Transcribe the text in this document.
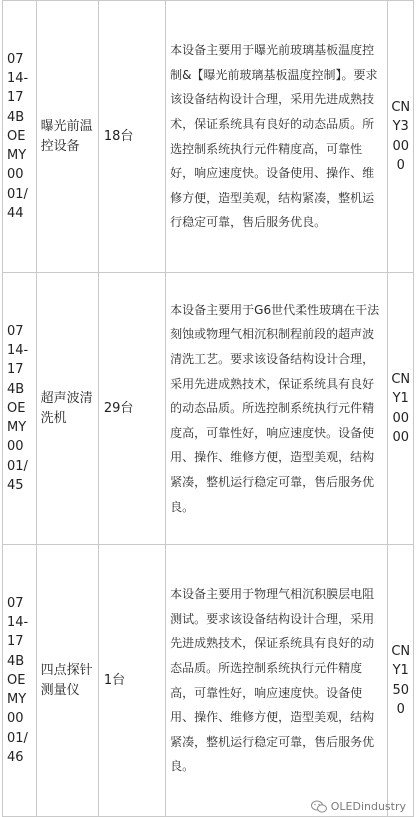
0714-174BOEMY0001/44	曝光前温控设备	18台	本设备主要用于曝光前玻璃基板温度控制&【曝光前玻璃基板温度控制】。要求该设备结构设计合理，采用先进成熟技术，保证系统具有良好的动态品质。所选控制系统执行元件精度高，可靠性好，响应速度快。设备使用、操作、维修方便，造型美观，结构紧凑，整机运行稳定可靠，售后服务优良。	CNY3000

0714-174BOEMY0001/45	超声波清洗机	29台	本设备主要用于G6世代柔性玻璃在干法刻蚀或物理气相沉积制程前段的超声波清洗工艺。要求该设备结构设计合理，采用先进成熟技术，保证系统具有良好的动态品质。所选控制系统执行元件精度高，可靠性好，响应速度快。设备使用、操作、维修方便，造型美观，结构紧凑，整机运行稳定可靠，售后服务优良。	CNY10000

0714-174BOEMY0001/46	四点探针测量仪	1台	本设备主要用于物理气相沉积膜层电阻测试。要求该设备结构设计合理，采用先进成熟技术，保证系统具有良好的动态品质。所选控制系统执行元件精度高，可靠性好，响应速度快。设备使用、操作、维修方便，造型美观，结构紧凑，整机运行稳定可靠，售后服务优良。	CNY1500
OLEDindustry
